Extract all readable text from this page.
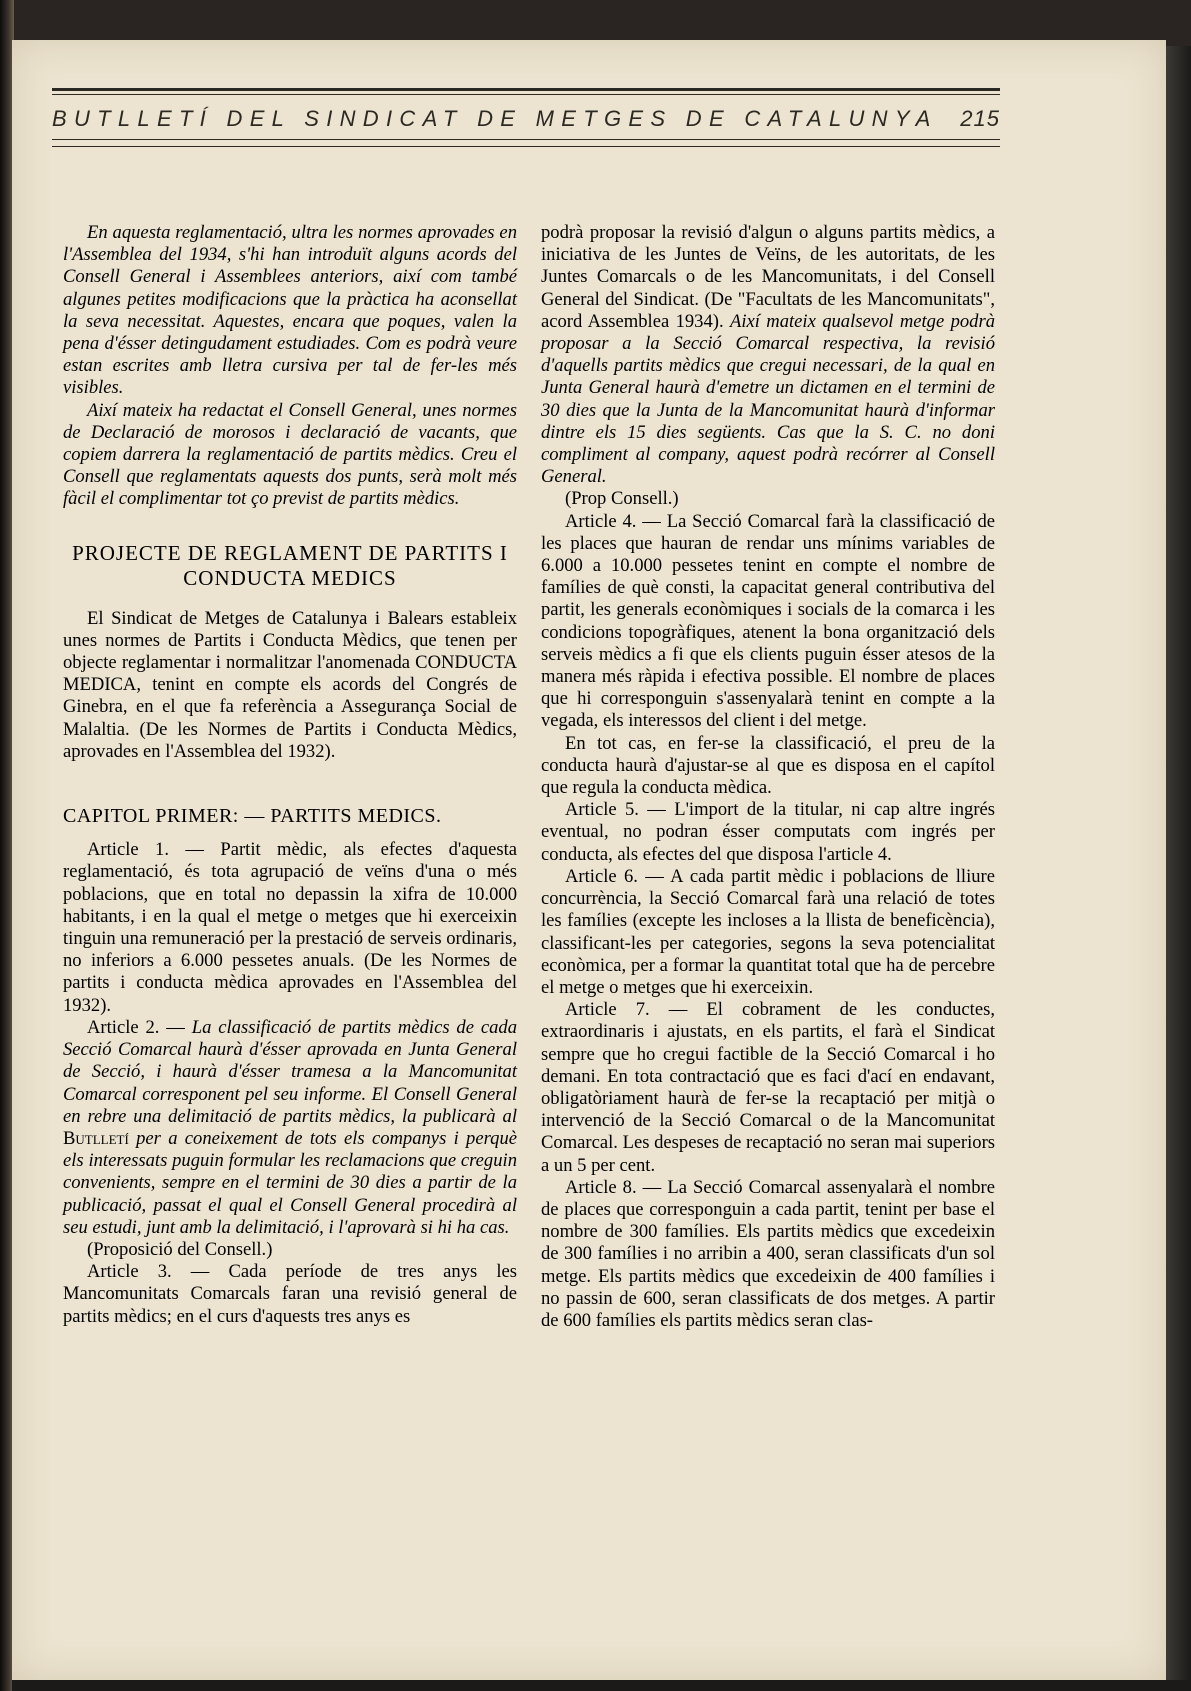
BUTLLETÍ DEL SINDICAT DE METGES DE CATALUNYA 215

En aquesta reglamentació, ultra les normes aprovades en l'Assemblea del 1934, s'hi han introduït alguns acords del Consell General i Assemblees anteriors, així com també algunes petites modificacions que la pràctica ha aconsellat la seva necessitat. Aquestes, encara que poques, valen la pena d'ésser detingudament estudiades. Com es podrà veure estan escrites amb lletra cursiva per tal de fer-les més visibles.

Així mateix ha redactat el Consell General, unes normes de Declaració de morosos i declaració de vacants, que copiem darrera la reglamentació de partits mèdics. Creu el Consell que reglamentats aquests dos punts, serà molt més fàcil el complimentar tot ço previst de partits mèdics.

PROJECTE DE REGLAMENT DE PARTITS I CONDUCTA MEDICS

El Sindicat de Metges de Catalunya i Balears estableix unes normes de Partits i Conducta Mèdics, que tenen per objecte reglamentar i normalitzar l'anomenada CONDUCTA MEDICA, tenint en compte els acords del Congrés de Ginebra, en el que fa referència a Assegurança Social de Malaltia. (De les Normes de Partits i Conducta Mèdics, aprovades en l'Assemblea del 1932).

CAPITOL PRIMER: — PARTITS MEDICS.

Article 1. — Partit mèdic, als efectes d'aquesta reglamentació, és tota agrupació de veïns d'una o més poblacions, que en total no depassin la xifra de 10.000 habitants, i en la qual el metge o metges que hi exerceixin tinguin una remuneració per la prestació de serveis ordinaris, no inferiors a 6.000 pessetes anuals. (De les Normes de partits i conducta mèdica aprovades en l'Assemblea del 1932).

Article 2. — La classificació de partits mèdics de cada Secció Comarcal haurà d'ésser aprovada en Junta General de Secció, i haurà d'ésser tramesa a la Mancomunitat Comarcal corresponent pel seu informe. El Consell General en rebre una delimitació de partits mèdics, la publicarà al Butlletí per a coneixement de tots els companys i perquè els interessats puguin formular les reclamacions que creguin convenients, sempre en el termini de 30 dies a partir de la publicació, passat el qual el Consell General procedirà al seu estudi, junt amb la delimitació, i l'aprovarà si hi ha cas.

(Proposició del Consell.)

Article 3. — Cada període de tres anys les Mancomunitats Comarcals faran una revisió general de partits mèdics; en el curs d'aquests tres anys es

podrà proposar la revisió d'algun o alguns partits mèdics, a iniciativa de les Juntes de Veïns, de les autoritats, de les Juntes Comarcals o de les Mancomunitats, i del Consell General del Sindicat. (De "Facultats de les Mancomunitats", acord Assemblea 1934). Així mateix qualsevol metge podrà proposar a la Secció Comarcal respectiva, la revisió d'aquells partits mèdics que cregui necessari, de la qual en Junta General haurà d'emetre un dictamen en el termini de 30 dies que la Junta de la Mancomunitat haurà d'informar dintre els 15 dies següents. Cas que la S. C. no doni compliment al company, aquest podrà recórrer al Consell General.

(Prop Consell.)

Article 4. — La Secció Comarcal farà la classificació de les places que hauran de rendar uns mínims variables de 6.000 a 10.000 pessetes tenint en compte el nombre de famílies de què consti, la capacitat general contributiva del partit, les generals econòmiques i socials de la comarca i les condicions topogràfiques, atenent la bona organització dels serveis mèdics a fi que els clients puguin ésser atesos de la manera més ràpida i efectiva possible. El nombre de places que hi corresponguin s'assenyalarà tenint en compte a la vegada, els interessos del client i del metge.

En tot cas, en fer-se la classificació, el preu de la conducta haurà d'ajustar-se al que es disposa en el capítol que regula la conducta mèdica.

Article 5. — L'import de la titular, ni cap altre ingrés eventual, no podran ésser computats com ingrés per conducta, als efectes del que disposa l'article 4.

Article 6. — A cada partit mèdic i poblacions de lliure concurrència, la Secció Comarcal farà una relació de totes les famílies (excepte les incloses a la llista de beneficència), classificant-les per categories, segons la seva potencialitat econòmica, per a formar la quantitat total que ha de percebre el metge o metges que hi exerceixin.

Article 7. — El cobrament de les conductes, extraordinaris i ajustats, en els partits, el farà el Sindicat sempre que ho cregui factible de la Secció Comarcal i ho demani. En tota contractació que es faci d'ací en endavant, obligatòriament haurà de fer-se la recaptació per mitjà o intervenció de la Secció Comarcal o de la Mancomunitat Comarcal. Les despeses de recaptació no seran mai superiors a un 5 per cent.

Article 8. — La Secció Comarcal assenyalarà el nombre de places que corresponguin a cada partit, tenint per base el nombre de 300 famílies. Els partits mèdics que excedeixin de 300 famílies i no arribin a 400, seran classificats d'un sol metge. Els partits mèdics que excedeixin de 400 famílies i no passin de 600, seran classificats de dos metges. A partir de 600 famílies els partits mèdics seran clas-
